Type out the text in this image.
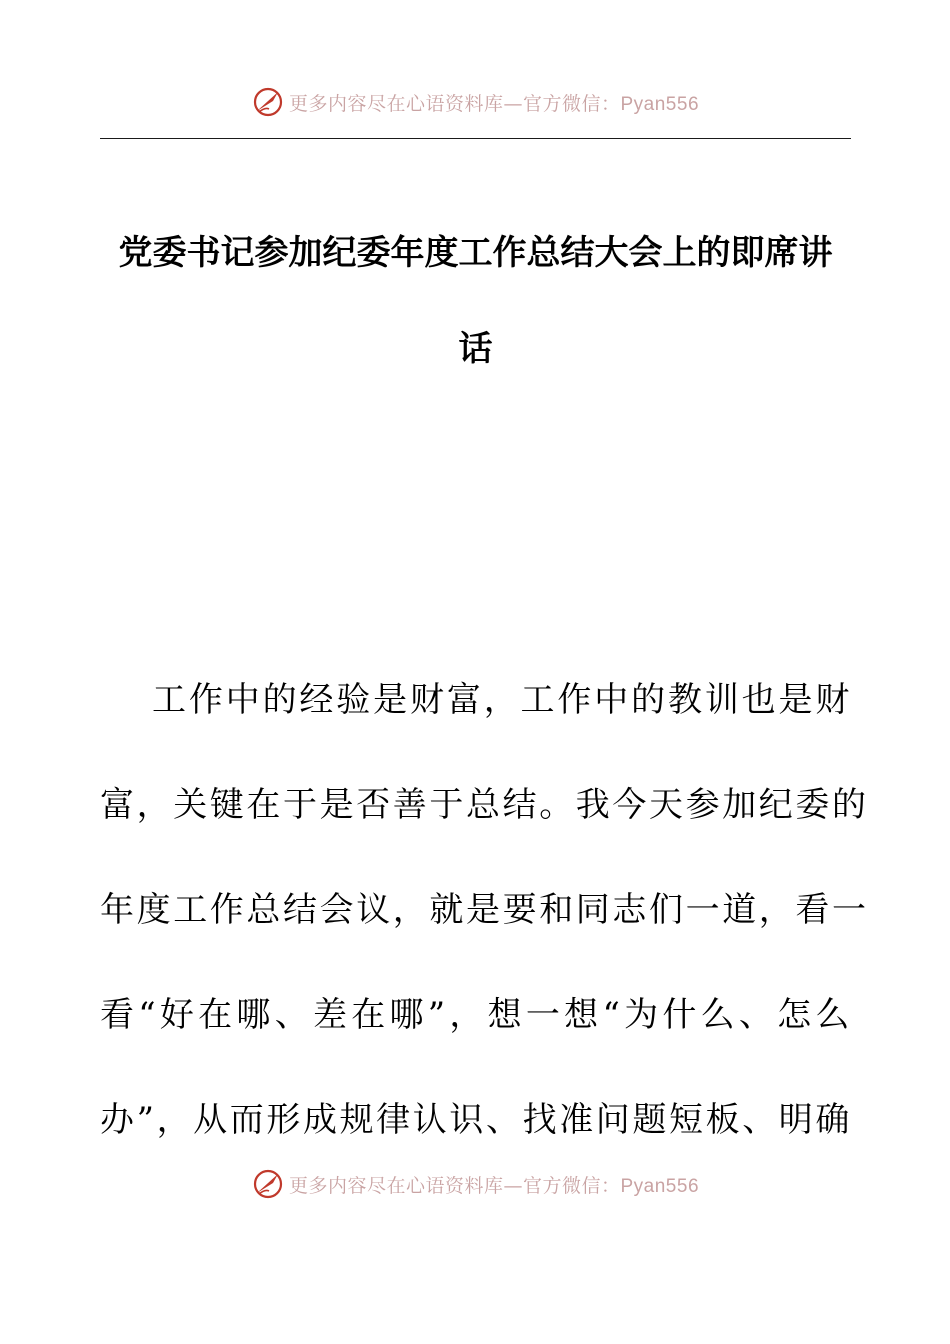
更多内容尽在心语资料库—官方微信：Pyan556
党委书记参加纪委年度工作总结大会上的即席讲
话

工作中的经验是财富，工作中的教训也是财
富，关键在于是否善于总结。我今天参加纪委的
年度工作总结会议，就是要和同志们一道，看一
看“好在哪、差在哪”，想一想“为什么、怎么
办”，从而形成规律认识、找准问题短板、明确

更多内容尽在心语资料库—官方微信：Pyan556
